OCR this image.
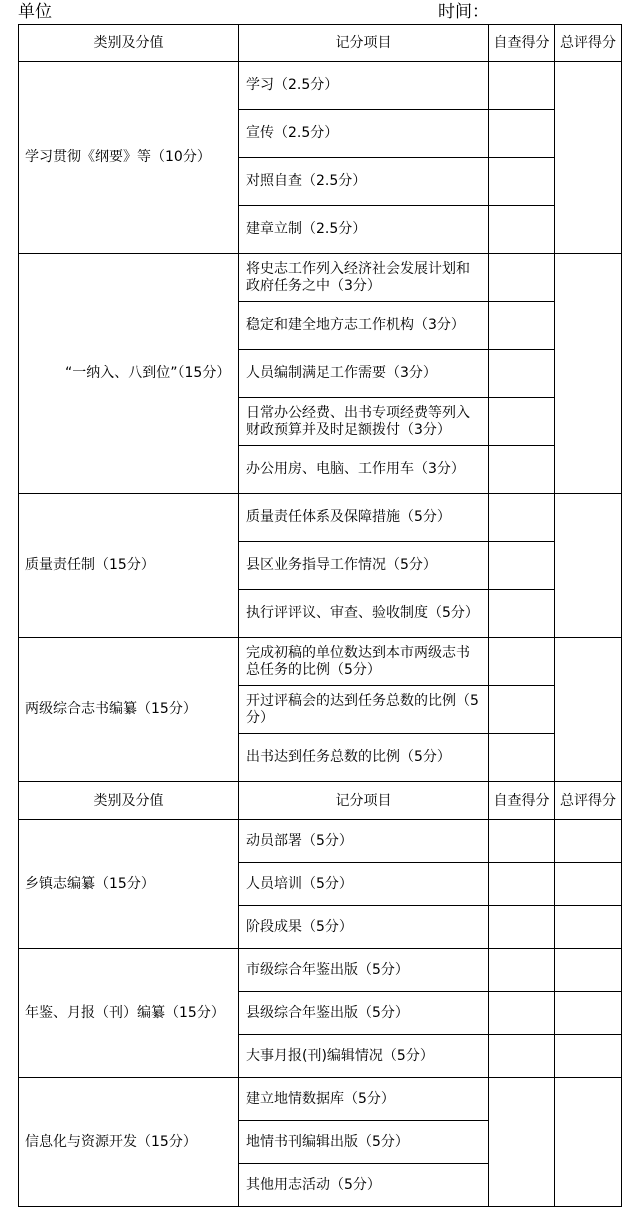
单位	时间：
类别及分值	记分项目	自查得分	总评得分
学习贯彻《纲要》等（10分）	学习（2.5分）		
	宣传（2.5分）		
	对照自查（2.5分）		
	建章立制（2.5分）		
“一纳入、八到位”（15分）	将史志工作列入经济社会发展计划和政府任务之中（3分）		
	稳定和建全地方志工作机构（3分）		
	人员编制满足工作需要（3分）		
	日常办公经费、出书专项经费等列入财政预算并及时足额拨付（3分）		
	办公用房、电脑、工作用车（3分）		
质量责任制（15分）	质量责任体系及保障措施（5分）		
	县区业务指导工作情况（5分）		
	执行评评议、审查、验收制度（5分）		
两级综合志书编纂（15分）	完成初稿的单位数达到本市两级志书总任务的比例（5分）		
	开过评稿会的达到任务总数的比例（5分）		
	出书达到任务总数的比例（5分）		
类别及分值	记分项目	自查得分	总评得分
乡镇志编纂（15分）	动员部署（5分）		
	人员培训（5分）		
	阶段成果（5分）		
年鉴、月报（刊）编纂（15分）	市级综合年鉴出版（5分）		
	县级综合年鉴出版（5分）		
	大事月报(刊)编辑情况（5分）		
信息化与资源开发（15分）	建立地情数据库（5分）		
	地情书刊编辑出版（5分）		
	其他用志活动（5分）		
